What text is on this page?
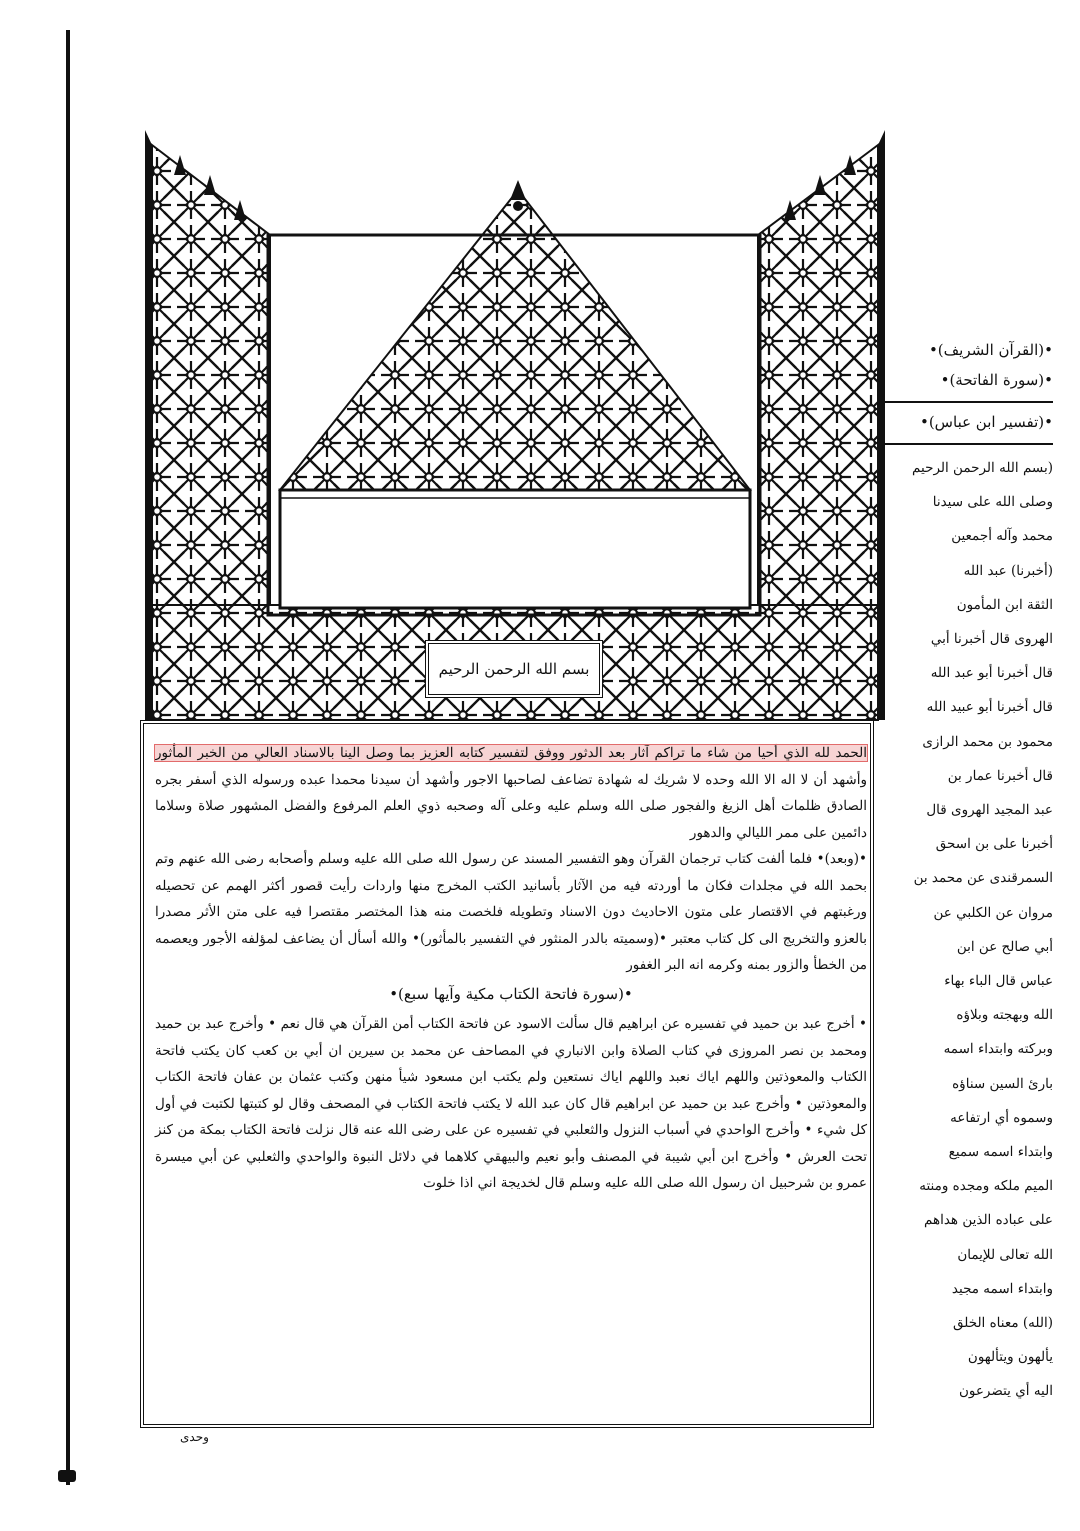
بسم الله الرحمن الرحيم

الحمد لله الذي أحيا من شاء ما تراكم آثار بعد الدثور ووفق لتفسير كتابه العزيز بما وصل الينا بالاسناد العالي من الخبر المأثور وأشهد أن لا اله الا الله وحده لا شريك له شهادة تضاعف لصاحبها الاجور وأشهد أن سيدنا محمدا عبده ورسوله الذي أسفر بجره الصادق ظلمات أهل الزيغ والفجور صلى الله وسلم عليه وعلى آله وصحبه ذوي العلم المرفوع والفضل المشهور صلاة وسلاما دائمين على ممر الليالي والدهور

•(وبعد)• فلما ألفت كتاب ترجمان القرآن وهو التفسير المسند عن رسول الله صلى الله عليه وسلم وأصحابه رضى الله عنهم وتم بحمد الله في مجلدات فكان ما أوردته فيه من الآثار بأسانيد الكتب المخرج منها واردات رأيت قصور أكثر الهمم عن تحصيله ورغبتهم في الاقتصار على متون الاحاديث دون الاسناد وتطويله فلخصت منه هذا المختصر مقتصرا فيه على متن الأثر مصدرا بالعزو والتخريج الى كل كتاب معتبر •(وسميته بالدر المنثور في التفسير بالمأثور)• والله أسأل أن يضاعف لمؤلفه الأجور ويعصمه من الخطأ والزور بمنه وكرمه انه البر الغفور

•(سورة فاتحة الكتاب مكية وآيها سبع)•

• أخرج عبد بن حميد في تفسيره عن ابراهيم قال سألت الاسود عن فاتحة الكتاب أمن القرآن هي قال نعم • وأخرج عبد بن حميد ومحمد بن نصر المروزى في كتاب الصلاة وابن الانباري في المصاحف عن محمد بن سيرين ان أبي بن كعب كان يكتب فاتحة الكتاب والمعوذتين واللهم اياك نعبد واللهم اياك نستعين ولم يكتب ابن مسعود شيأ منهن وكتب عثمان بن عفان فاتحة الكتاب والمعوذتين • وأخرج عبد بن حميد عن ابراهيم قال كان عبد الله لا يكتب فاتحة الكتاب في المصحف وقال لو كتبتها لكتبت في أول كل شيء • وأخرج الواحدي في أسباب النزول والثعلبي في تفسيره عن على رضى الله عنه قال نزلت فاتحة الكتاب بمكة من كنز تحت العرش • وأخرج ابن أبي شيبة في المصنف وأبو نعيم والبيهقي كلاهما في دلائل النبوة والواحدي والثعلبي عن أبي ميسرة عمرو بن شرحبيل ان رسول الله صلى الله عليه وسلم قال لخديجة اني اذا خلوت

•(القرآن الشريف)•
•(سورة الفاتحة)•
•(تفسير ابن عباس)•
(بسم الله الرحمن الرحيم
وصلى الله على سيدنا
محمد وآله أجمعين
(أخبرنا) عبد الله
الثقة ابن المأمون
الهروى قال أخبرنا أبي
قال أخبرنا أبو عبد الله
قال أخبرنا أبو عبيد الله
محمود بن محمد الرازى
قال أخبرنا عمار بن
عبد المجيد الهروى قال
أخبرنا على بن اسحق
السمرقندى عن محمد بن
مروان عن الكلبي عن
أبي صالح عن ابن
عباس قال الباء بهاء
الله وبهجته وبلاؤه
وبركته وابتداء اسمه
بارئ السين سناؤه
وسموه أي ارتفاعه
وابتداء اسمه سميع
الميم ملكه ومجده ومنته
على عباده الذين هداهم
الله تعالى للإيمان
وابتداء اسمه مجيد
(الله) معناه الخلق
يألهون ويتألهون
اليه أي يتضرعون
وحدى
